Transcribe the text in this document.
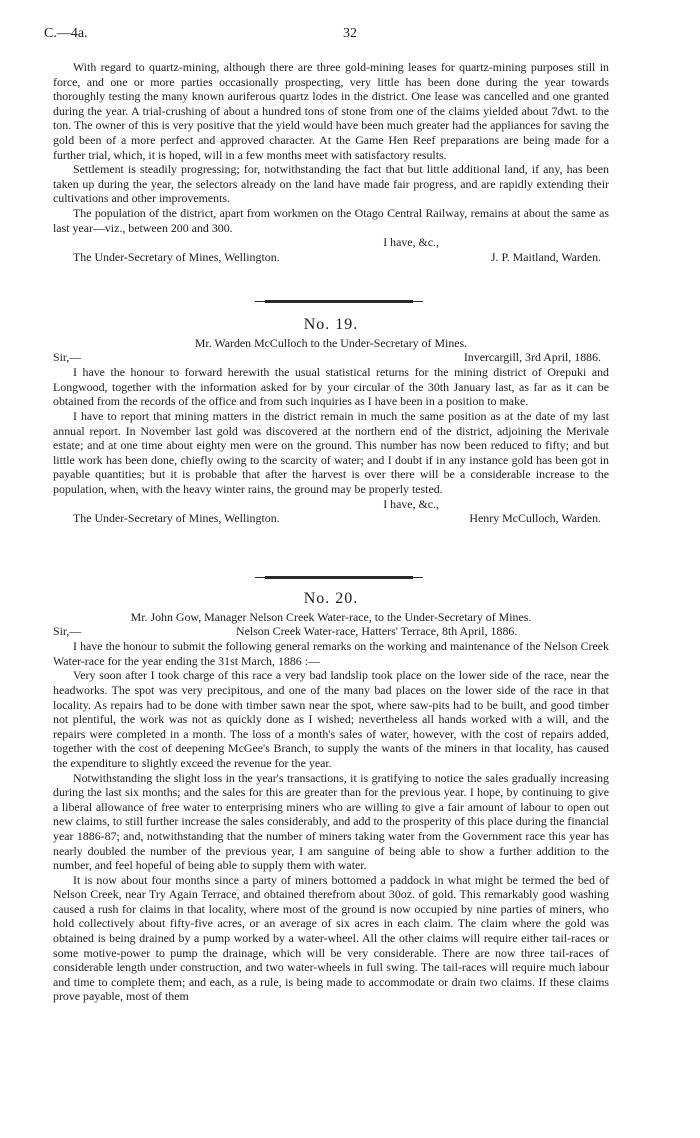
C.—4a.	32

With regard to quartz-mining, although there are three gold-mining leases for quartz-mining purposes still in force, and one or more parties occasionally prospecting, very little has been done during the year towards thoroughly testing the many known auriferous quartz lodes in the district. One lease was cancelled and one granted during the year. A trial-crushing of about a hundred tons of stone from one of the claims yielded about 7dwt. to the ton. The owner of this is very positive that the yield would have been much greater had the appliances for saving the gold been of a more perfect and approved character. At the Game Hen Reef preparations are being made for a further trial, which, it is hoped, will in a few months meet with satisfactory results.

Settlement is steadily progressing; for, notwithstanding the fact that but little additional land, if any, has been taken up during the year, the selectors already on the land have made fair progress, and are rapidly extending their cultivations and other improvements.

The population of the district, apart from workmen on the Otago Central Railway, remains at about the same as last year—viz., between 200 and 300.

I have, &c.,
The Under-Secretary of Mines, Wellington.	J. P. Maitland, Warden.
No. 19.
Mr. Warden McCulloch to the Under-Secretary of Mines.
Sir,—	Invercargill, 3rd April, 1886.

I have the honour to forward herewith the usual statistical returns for the mining district of Orepuki and Longwood, together with the information asked for by your circular of the 30th January last, as far as it can be obtained from the records of the office and from such inquiries as I have been in a position to make.

I have to report that mining matters in the district remain in much the same position as at the date of my last annual report. In November last gold was discovered at the northern end of the district, adjoining the Merivale estate; and at one time about eighty men were on the ground. This number has now been reduced to fifty; and but little work has been done, chiefly owing to the scarcity of water; and I doubt if in any instance gold has been got in payable quantities; but it is probable that after the harvest is over there will be a considerable increase to the population, when, with the heavy winter rains, the ground may be properly tested.

I have, &c.,
The Under-Secretary of Mines, Wellington.	Henry McCulloch, Warden.
No. 20.
Mr. John Gow, Manager Nelson Creek Water-race, to the Under-Secretary of Mines.
Sir,—	Nelson Creek Water-race, Hatters' Terrace, 8th April, 1886.

I have the honour to submit the following general remarks on the working and maintenance of the Nelson Creek Water-race for the year ending the 31st March, 1886 :—

Very soon after I took charge of this race a very bad landslip took place on the lower side of the race, near the headworks. The spot was very precipitous, and one of the many bad places on the lower side of the race in that locality. As repairs had to be done with timber sawn near the spot, where saw-pits had to be built, and good timber not plentiful, the work was not as quickly done as I wished; nevertheless all hands worked with a will, and the repairs were completed in a month. The loss of a month's sales of water, however, with the cost of repairs added, together with the cost of deepening McGee's Branch, to supply the wants of the miners in that locality, has caused the expenditure to slightly exceed the revenue for the year.

Notwithstanding the slight loss in the year's transactions, it is gratifying to notice the sales gradually increasing during the last six months; and the sales for this are greater than for the previous year. I hope, by continuing to give a liberal allowance of free water to enterprising miners who are willing to give a fair amount of labour to open out new claims, to still further increase the sales considerably, and add to the prosperity of this place during the financial year 1886-87; and, notwithstanding that the number of miners taking water from the Government race this year has nearly doubled the number of the previous year, I am sanguine of being able to show a further addition to the number, and feel hopeful of being able to supply them with water.

It is now about four months since a party of miners bottomed a paddock in what might be termed the bed of Nelson Creek, near Try Again Terrace, and obtained therefrom about 30oz. of gold. This remarkably good washing caused a rush for claims in that locality, where most of the ground is now occupied by nine parties of miners, who hold collectively about fifty-five acres, or an average of six acres in each claim. The claim where the gold was obtained is being drained by a pump worked by a water-wheel. All the other claims will require either tail-races or some motive-power to pump the drainage, which will be very considerable. There are now three tail-races of considerable length under construction, and two water-wheels in full swing. The tail-races will require much labour and time to complete them; and each, as a rule, is being made to accommodate or drain two claims. If these claims prove payable, most of them
